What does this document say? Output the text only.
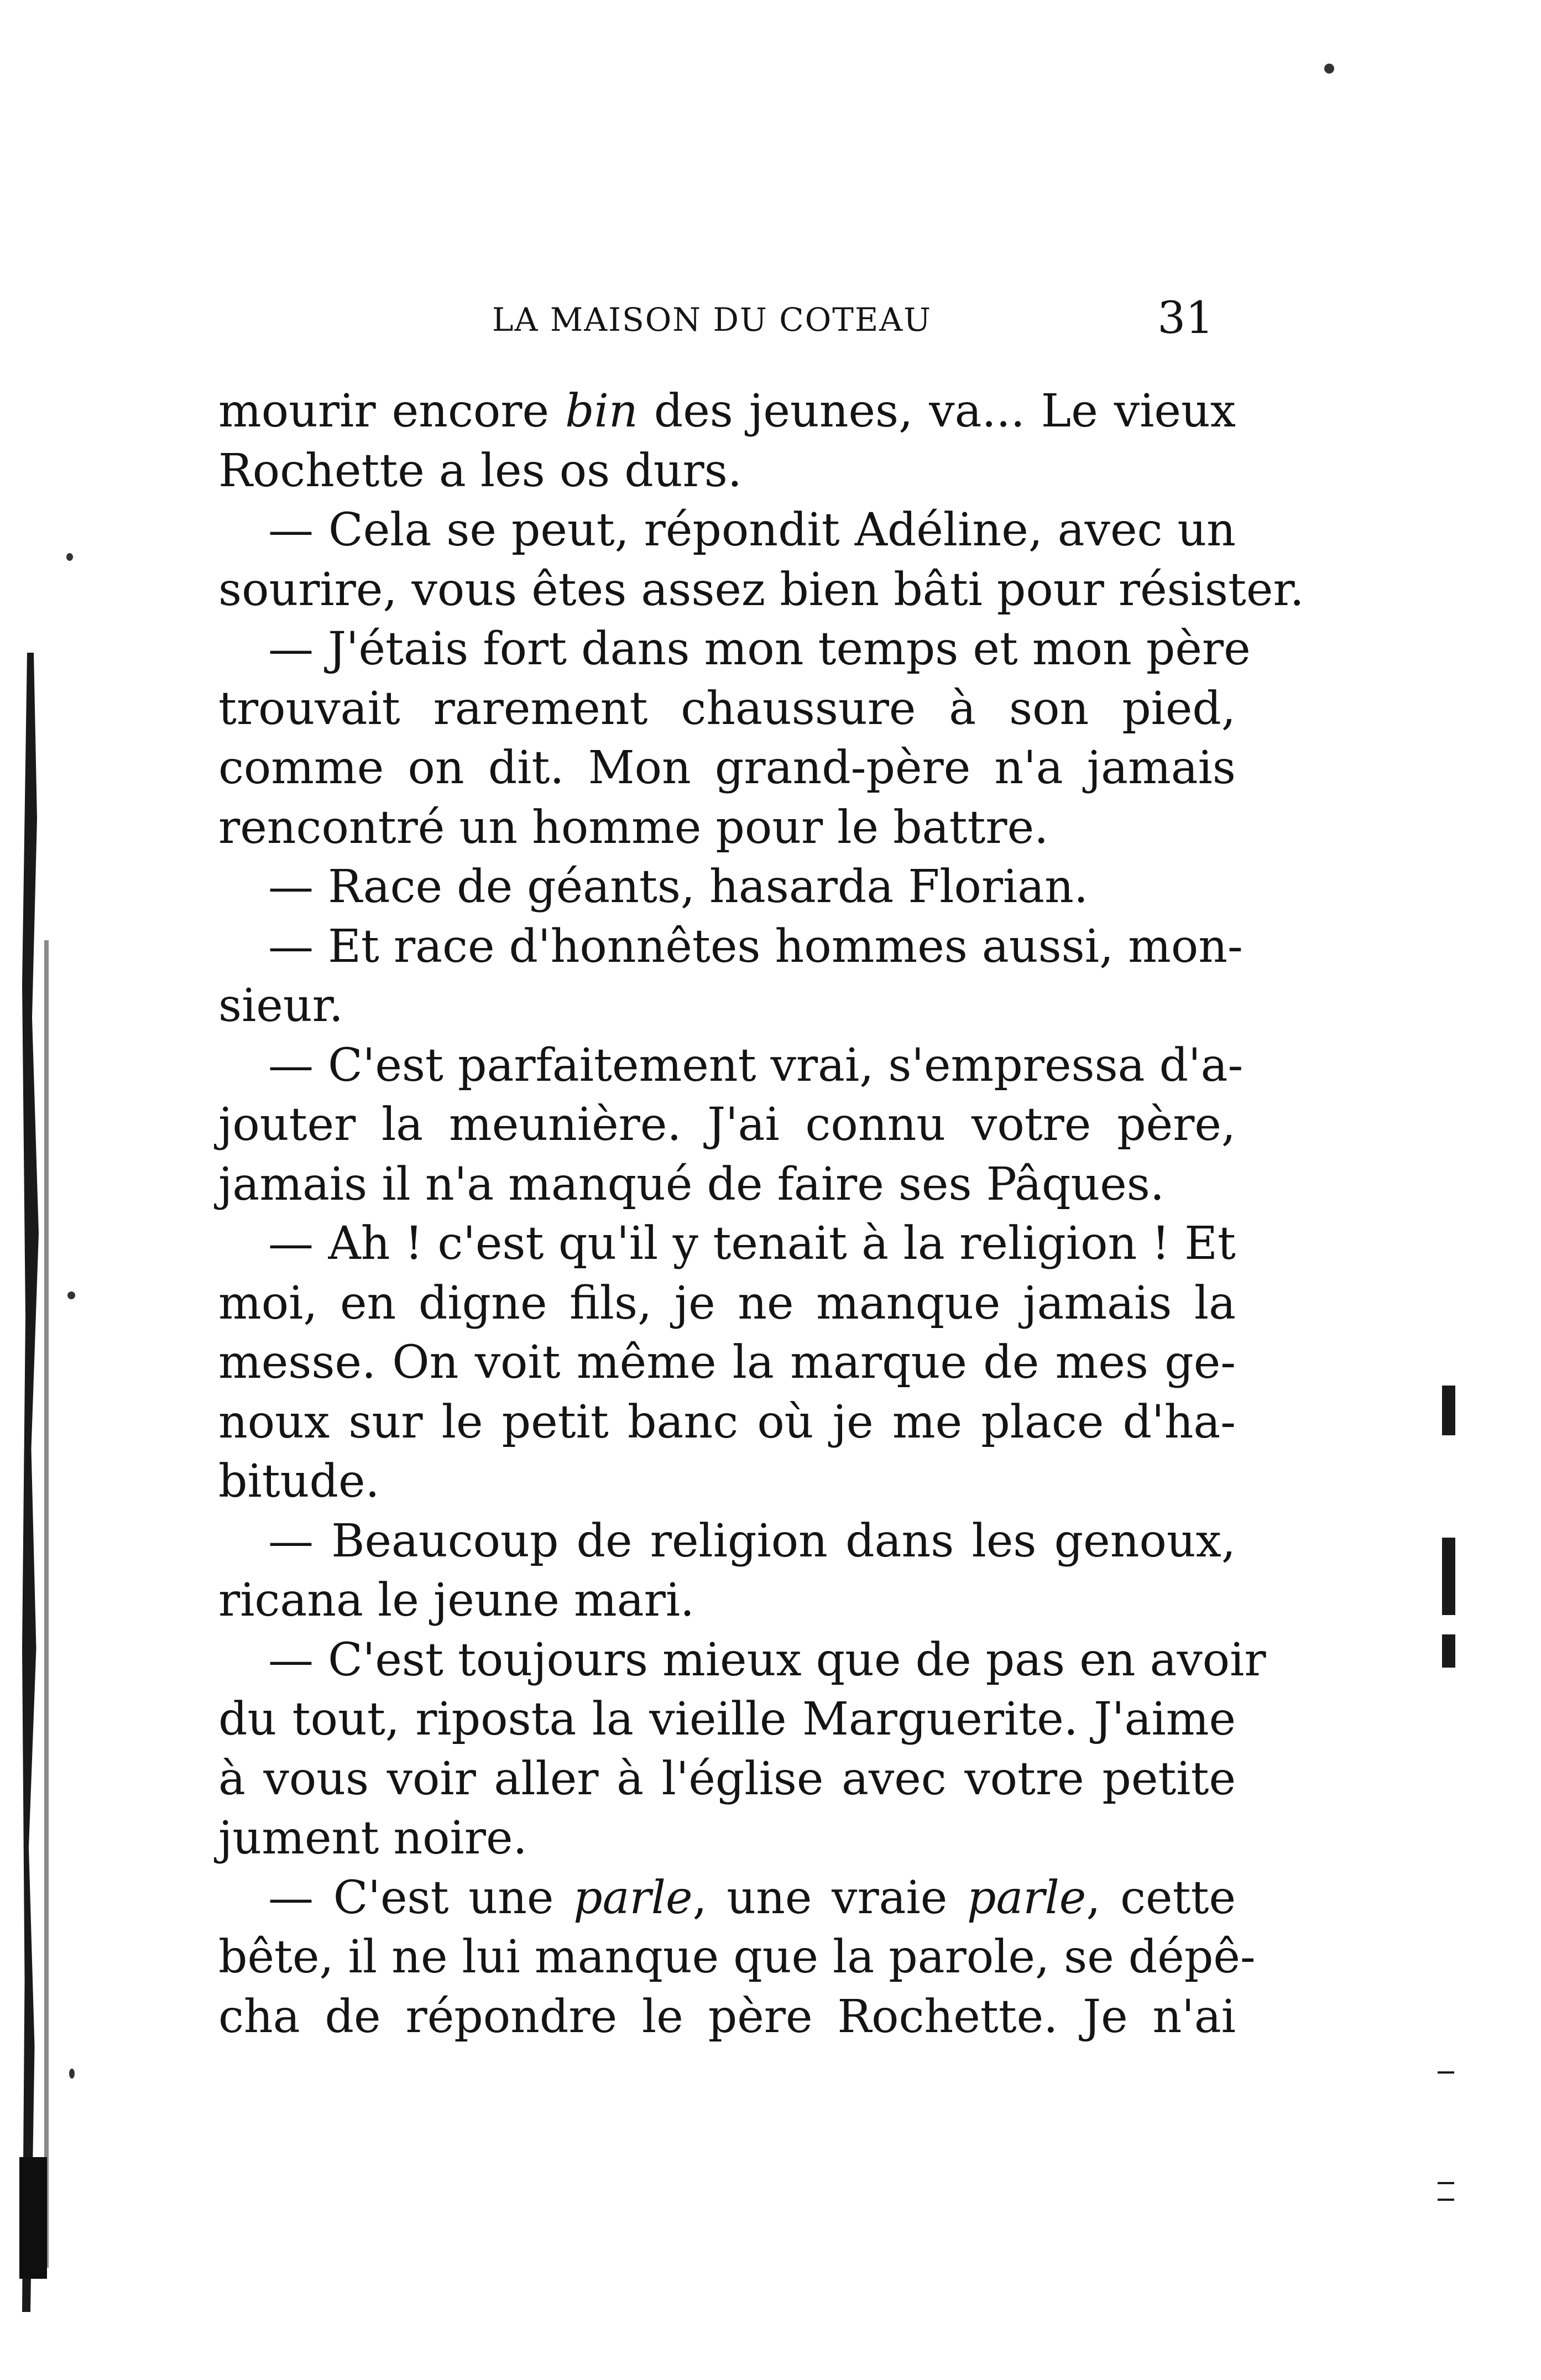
LA MAISON DU COTEAU	31
mourir encore bin des jeunes, va... Le vieux
Rochette a les os durs.
— Cela se peut, répondit Adéline, avec un
sourire, vous êtes assez bien bâti pour résister.
— J'étais fort dans mon temps et mon père
trouvait rarement chaussure à son pied,
comme on dit. Mon grand-père n'a jamais
rencontré un homme pour le battre.
— Race de géants, hasarda Florian.
— Et race d'honnêtes hommes aussi, mon-
sieur.
— C'est parfaitement vrai, s'empressa d'a-
jouter la meunière. J'ai connu votre père,
jamais il n'a manqué de faire ses Pâques.
— Ah ! c'est qu'il y tenait à la religion ! Et
moi, en digne fils, je ne manque jamais la
messe. On voit même la marque de mes ge-
noux sur le petit banc où je me place d'ha-
bitude.
— Beaucoup de religion dans les genoux,
ricana le jeune mari.
— C'est toujours mieux que de pas en avoir
du tout, riposta la vieille Marguerite. J'aime
à vous voir aller à l'église avec votre petite
jument noire.
— C'est une parle, une vraie parle, cette
bête, il ne lui manque que la parole, se dépê-
cha de répondre le père Rochette. Je n'ai
